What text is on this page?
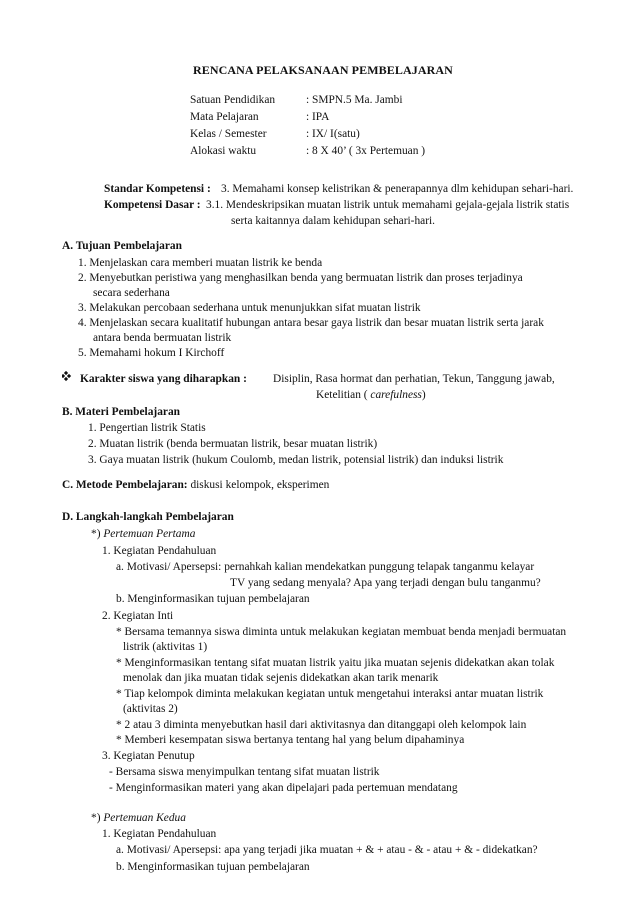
RENCANA PELAKSANAAN PEMBELAJARAN
Satuan Pendidikan	: SMPN.5 Ma. Jambi
Mata Pelajaran	: IPA
Kelas / Semester	: IX/ I(satu)
Alokasi waktu	: 8 X 40’ ( 3x Pertemuan )
Standar Kompetensi : 3. Memahami konsep kelistrikan & penerapannya dlm kehidupan sehari-hari.
Kompetensi Dasar : 3.1. Mendeskripsikan muatan listrik untuk memahami gejala-gejala listrik statis
serta kaitannya dalam kehidupan sehari-hari.
A. Tujuan Pembelajaran
1. Menjelaskan cara memberi muatan listrik ke benda
2. Menyebutkan peristiwa yang menghasilkan benda yang bermuatan listrik dan proses terjadinya
secara sederhana
3. Melakukan percobaan sederhana untuk menunjukkan sifat muatan listrik
4. Menjelaskan secara kualitatif hubungan antara besar gaya listrik dan besar muatan listrik serta jarak
antara benda bermuatan listrik
5. Memahami hokum I Kirchoff
Karakter siswa yang diharapkan : Disiplin, Rasa hormat dan perhatian, Tekun, Tanggung jawab,
Ketelitian ( carefulness)
B. Materi Pembelajaran
1. Pengertian listrik Statis
2. Muatan listrik (benda bermuatan listrik, besar muatan listrik)
3. Gaya muatan listrik (hukum Coulomb, medan listrik, potensial listrik) dan induksi listrik
C. Metode Pembelajaran: diskusi kelompok, eksperimen
D. Langkah-langkah Pembelajaran
*) Pertemuan Pertama
1. Kegiatan Pendahuluan
a. Motivasi/ Apersepsi: pernahkah kalian mendekatkan punggung telapak tanganmu kelayar
TV yang sedang menyala? Apa yang terjadi dengan bulu tanganmu?
b. Menginformasikan tujuan pembelajaran
2. Kegiatan Inti
* Bersama temannya siswa diminta untuk melakukan kegiatan membuat benda menjadi bermuatan
listrik (aktivitas 1)
* Menginformasikan tentang sifat muatan listrik yaitu jika muatan sejenis didekatkan akan tolak
menolak dan jika muatan tidak sejenis didekatkan akan tarik menarik
* Tiap kelompok diminta melakukan kegiatan untuk mengetahui interaksi antar muatan listrik
(aktivitas 2)
* 2 atau 3 diminta menyebutkan hasil dari aktivitasnya dan ditanggapi oleh kelompok lain
* Memberi kesempatan siswa bertanya tentang hal yang belum dipahaminya
3. Kegiatan Penutup
- Bersama siswa menyimpulkan tentang sifat muatan listrik
- Menginformasikan materi yang akan dipelajari pada pertemuan mendatang
*) Pertemuan Kedua
1. Kegiatan Pendahuluan
a. Motivasi/ Apersepsi: apa yang terjadi jika muatan + & + atau - & - atau + & - didekatkan?
b. Menginformasikan tujuan pembelajaran
